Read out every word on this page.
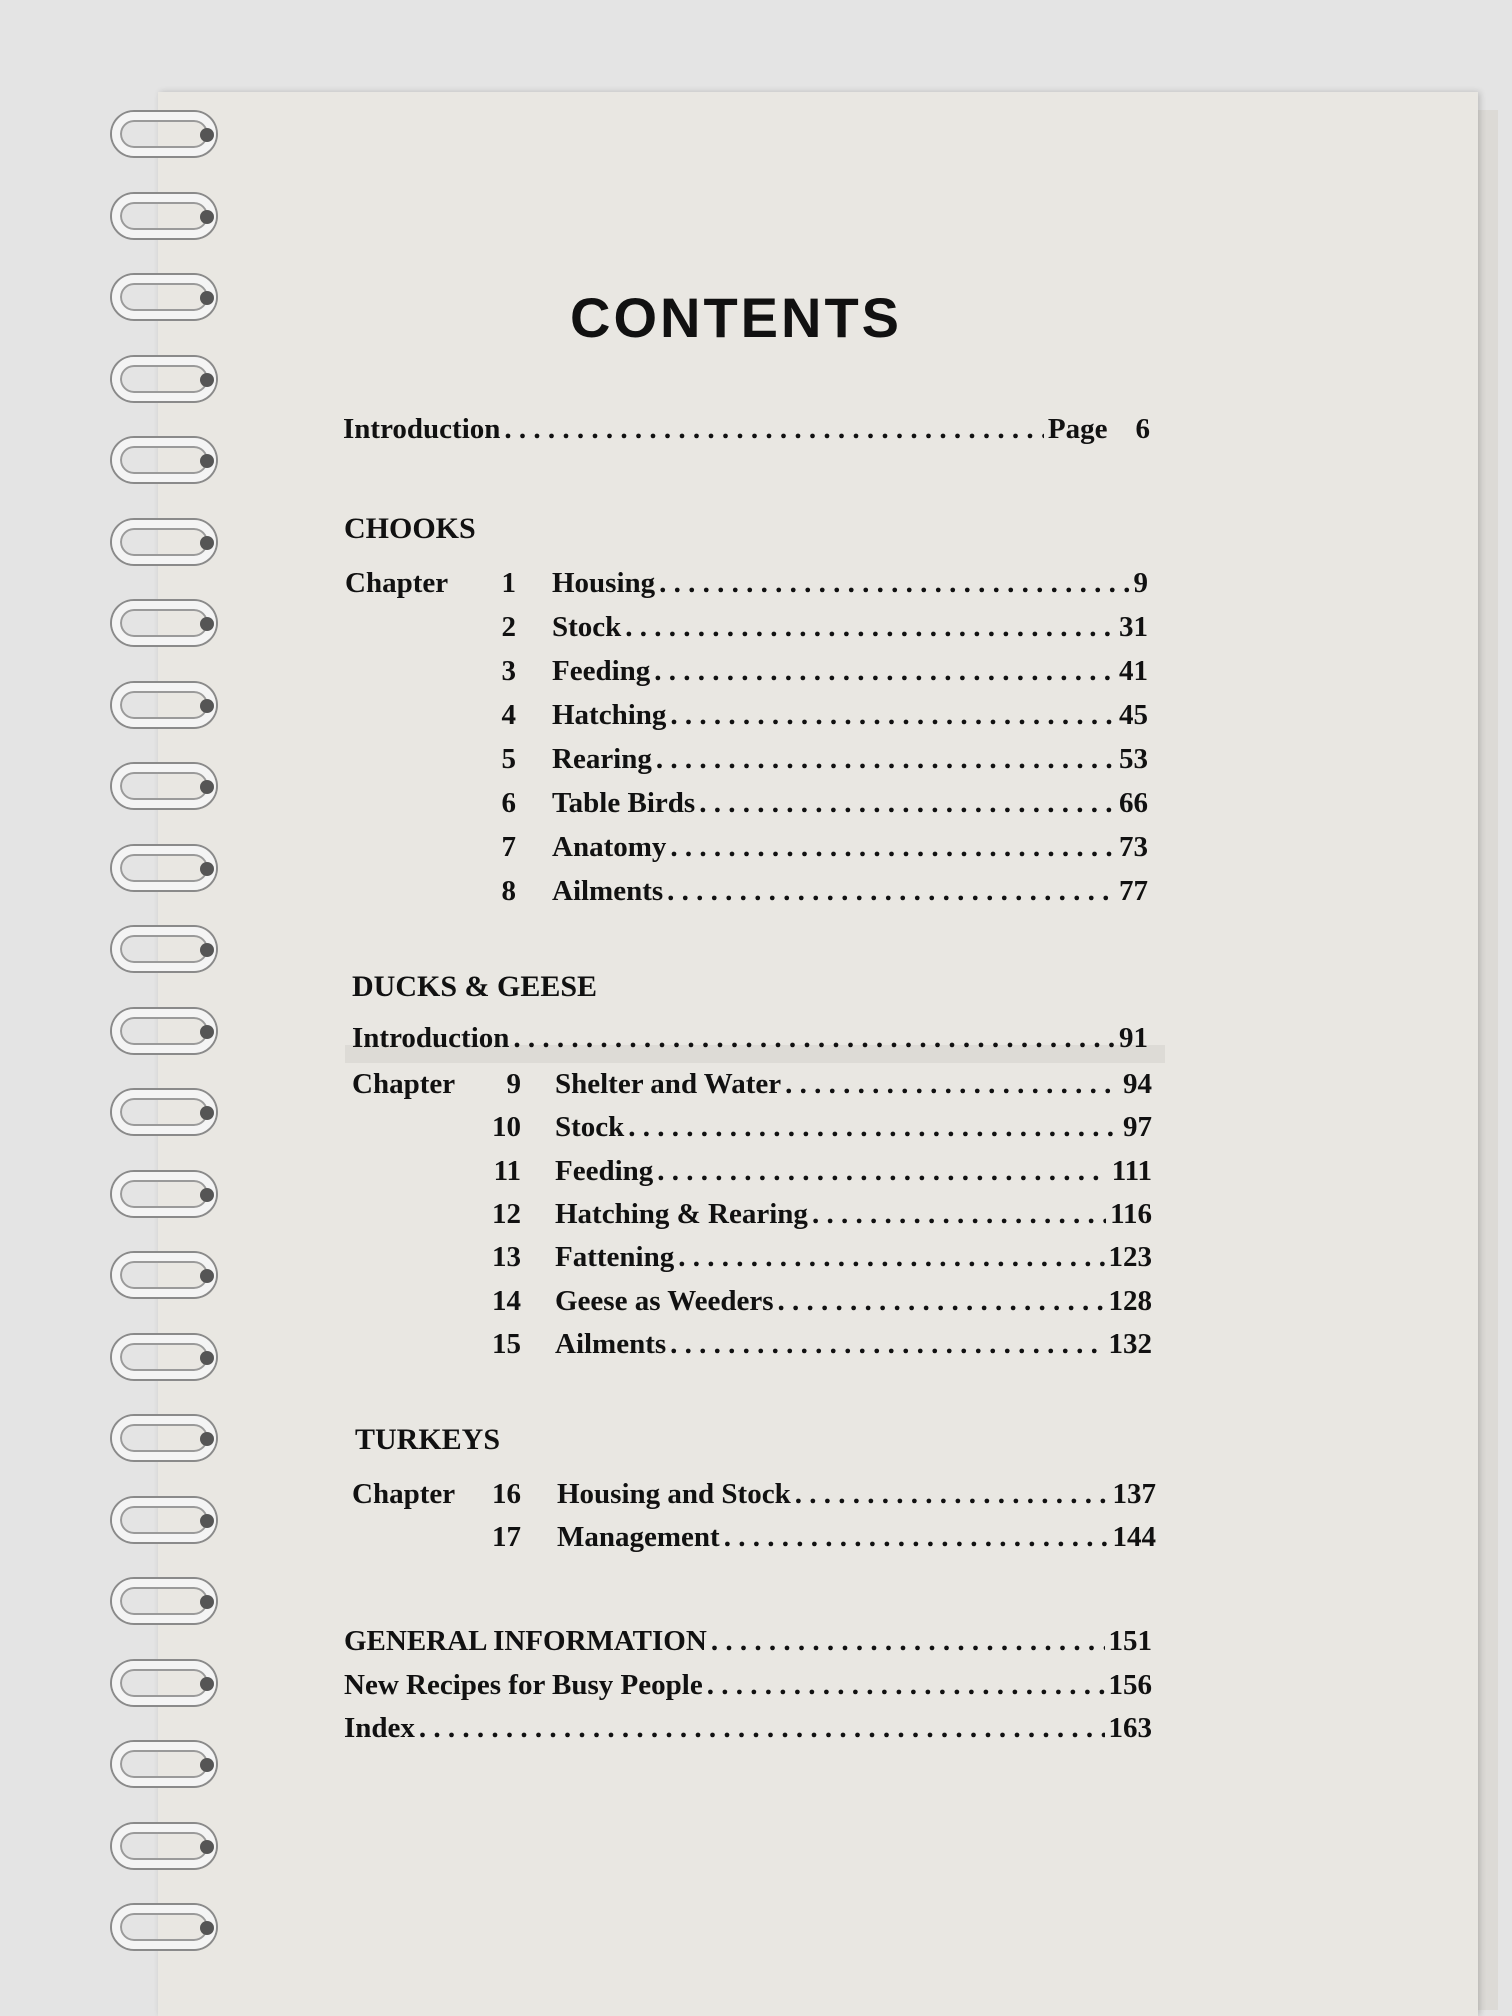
CONTENTS
Introduction . . .	Page 6
CHOOKS
Chapter	1 Housing . . .	9
2 Stock . . .	31
3 Feeding . . .	41
4 Hatching . . .	45
5 Rearing . . .	53
6 Table Birds . . .	66
7 Anatomy . . .	73
8 Ailments . . .	77
DUCKS & GEESE
Introduction . . .	91
Chapter	9 Shelter and Water . . .	94
10 Stock . . .	97
11 Feeding . . .	111
12 Hatching & Rearing . . .	116
13 Fattening . . .	123
14 Geese as Weeders . . .	128
15 Ailments . . .	132
TURKEYS
Chapter	16 Housing and Stock . . .	137
17 Management . . .	144
GENERAL INFORMATION . . .	151
New Recipes for Busy People . . .	156
Index . . .	163
